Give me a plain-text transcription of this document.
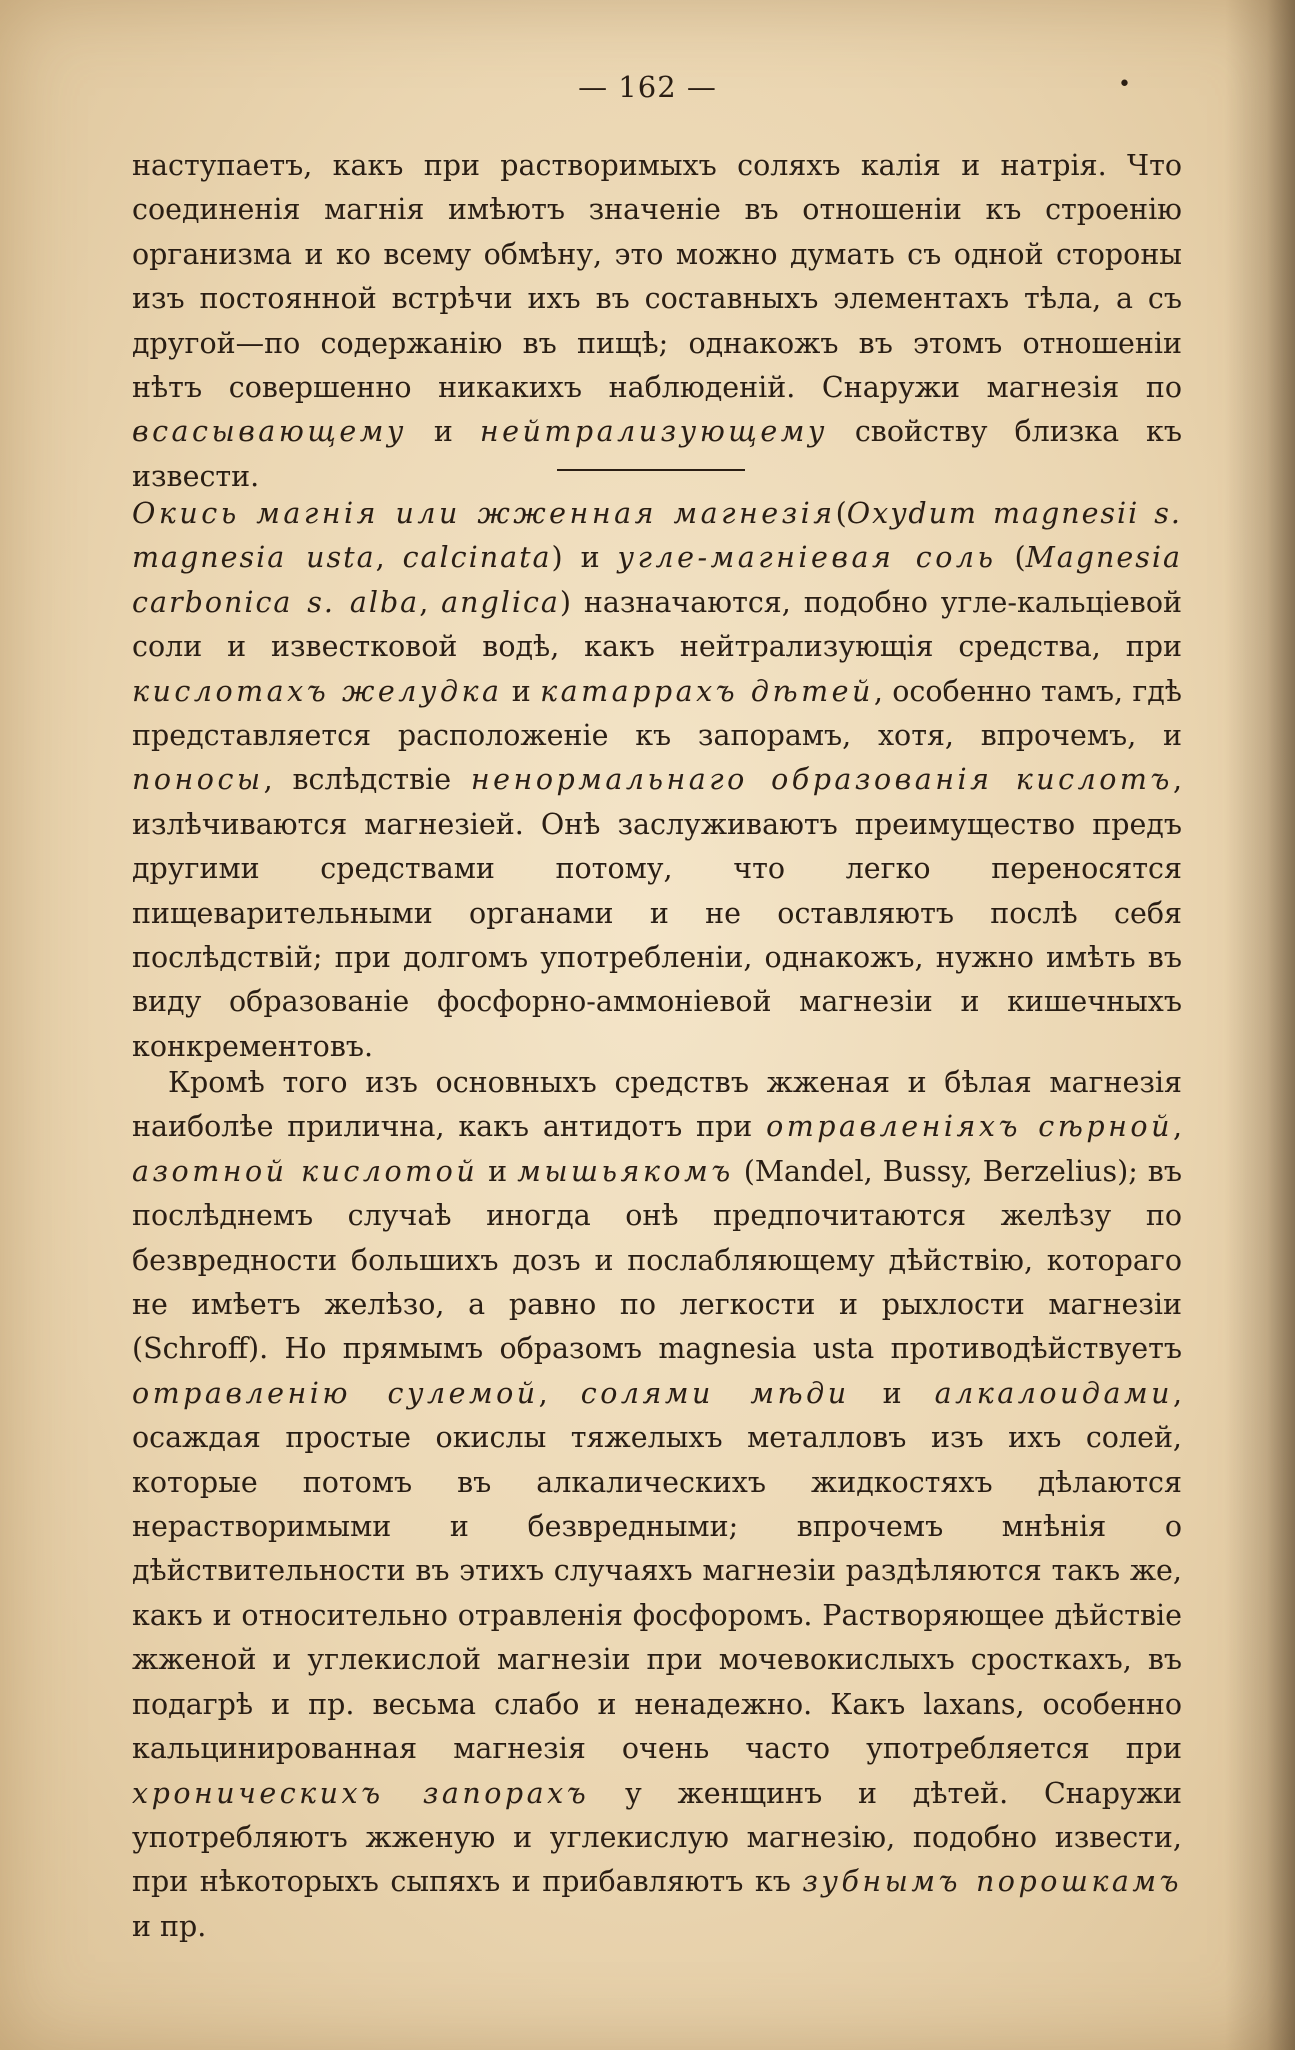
— 162 —	•
наступаетъ, какъ при растворимыхъ соляхъ калія и натрія. Что соединенія магнія имѣютъ значеніе въ отношеніи къ строенію организма и ко всему обмѣну, это можно думать съ одной стороны изъ постоянной встрѣчи ихъ въ составныхъ элементахъ тѣла, а съ другой—по содержанію въ пищѣ; однакожъ въ этомъ отношеніи нѣтъ совершенно никакихъ наблюденій. Снаружи магнезія по всасывающему и нейтрализующему свойству близка къ извести.
Окись магнія или жженная магнезія(Oxydum magnesii s. magnesia usta, calcinata) и угле-магніевая соль (Magnesia carbonica s. alba, anglica) назначаются, подобно угле-кальціевой соли и известковой водѣ, какъ нейтрализующія средства, при кислотахъ желудка и катаррахъ дѣтей, особенно тамъ, гдѣ представляется расположеніе къ запорамъ, хотя, впрочемъ, и поносы, вслѣдствіе ненормальнаго образованія кислотъ, излѣчиваются магнезіей. Онѣ заслуживаютъ преимущество предъ другими средствами потому, что легко переносятся пищеварительными органами и не оставляютъ послѣ себя послѣдствій; при долгомъ употребленіи, однакожъ, нужно имѣть въ виду образованіе фосфорно-аммоніевой магнезіи и кишечныхъ конкрементовъ.
Кромѣ того изъ основныхъ средствъ жженая и бѣлая магнезія наиболѣе прилична, какъ антидотъ при отравленіяхъ сѣрной, азотной кислотой и мышьякомъ (Mandel, Bussy, Berzelius); въ послѣднемъ случаѣ иногда онѣ предпочитаются желѣзу по безвредности большихъ дозъ и послабляющему дѣйствію, котораго не имѣетъ желѣзо, а равно по легкости и рыхлости магнезіи (Schroff). Но прямымъ образомъ magnesia usta противодѣйствуетъ отравленію сулемой, солями мѣди и алкалоидами, осаждая простые окислы тяжелыхъ металловъ изъ ихъ солей, которые потомъ въ алкалическихъ жидкостяхъ дѣлаются нерастворимыми и безвредными; впрочемъ мнѣнія о дѣйствительности въ этихъ случаяхъ магнезіи раздѣляются такъ же, какъ и относительно отравленія фосфоромъ. Растворяющее дѣйствіе жженой и углекислой магнезіи при мочевокислыхъ сросткахъ, въ подагрѣ и пр. весьма слабо и ненадежно. Какъ laxans, особенно кальцинированная магнезія очень часто употребляется при хроническихъ запорахъ у женщинъ и дѣтей. Снаружи употребляютъ жженую и углекислую магнезію, подобно извести, при нѣкоторыхъ сыпяхъ и прибавляютъ къ зубнымъ порошкамъ и пр.
